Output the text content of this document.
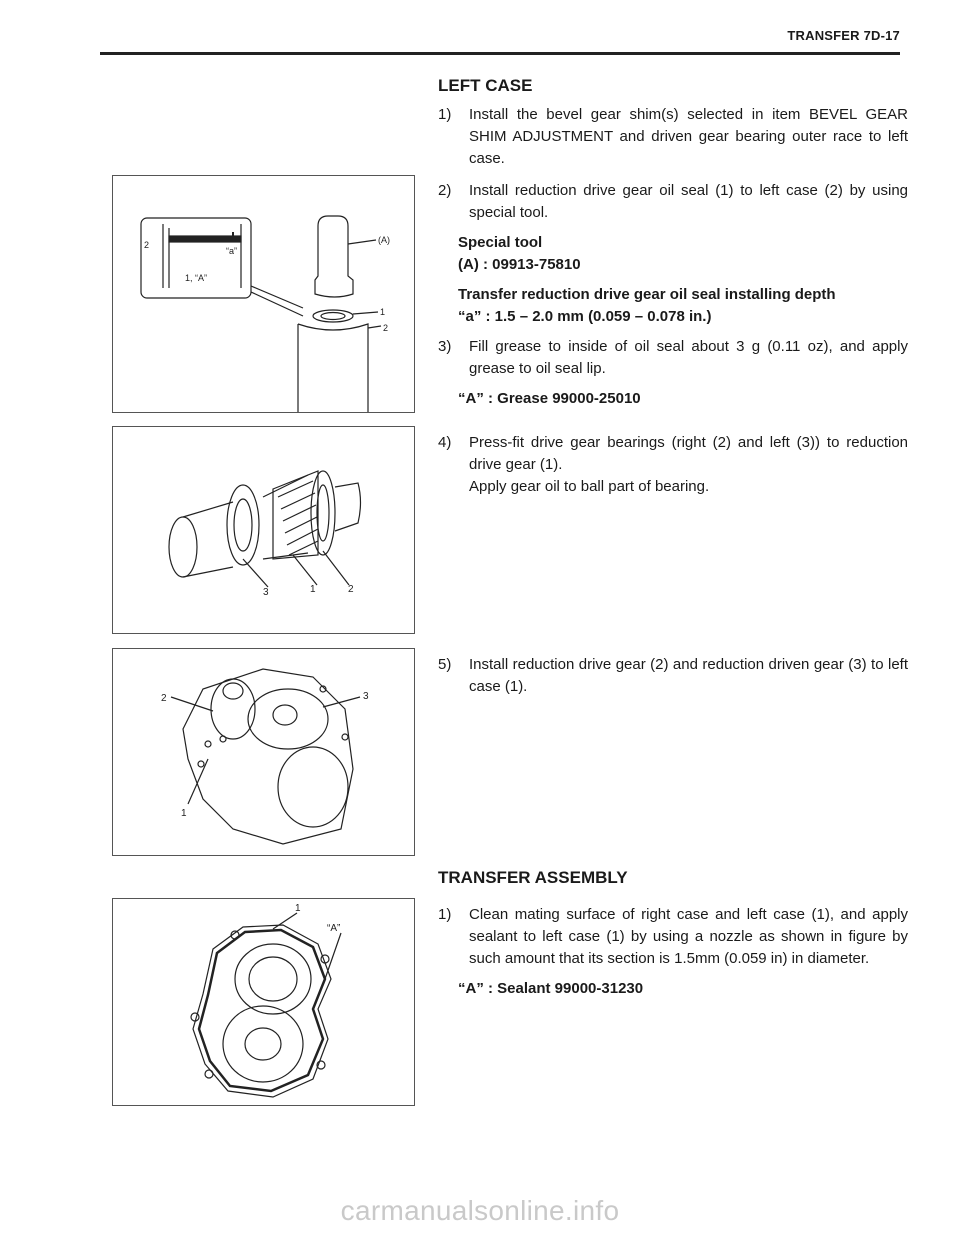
TRANSFER 7D-17
LEFT CASE
1)	Install the bevel gear shim(s) selected in item BEVEL GEAR SHIM ADJUSTMENT and driven gear bearing outer race to left case.
2)	Install reduction drive gear oil seal (1) to left case (2) by using special tool.
Special tool
(A) : 09913-75810
Transfer reduction drive gear oil seal installing depth
“a” : 1.5 – 2.0 mm (0.059 – 0.078 in.)
3)	Fill grease to inside of oil seal about 3 g (0.11 oz), and apply grease to oil seal lip.
“A” : Grease 99000-25010
4)	Press-fit drive gear bearings (right (2) and left (3)) to reduction drive gear (1).
Apply gear oil to ball part of bearing.
5)	Install reduction drive gear (2) and reduction driven gear (3) to left case (1).
TRANSFER ASSEMBLY
1)	Clean mating surface of right case and left case (1), and apply sealant to left case (1) by using a nozzle as shown in figure by such amount that its section is 1.5mm (0.059 in) in diameter.
“A” : Sealant 99000-31230
2
“a”
1, “A”
(A)
1
2
3	1	2
2	3
1
1
“A”
carmanualsonline.info
